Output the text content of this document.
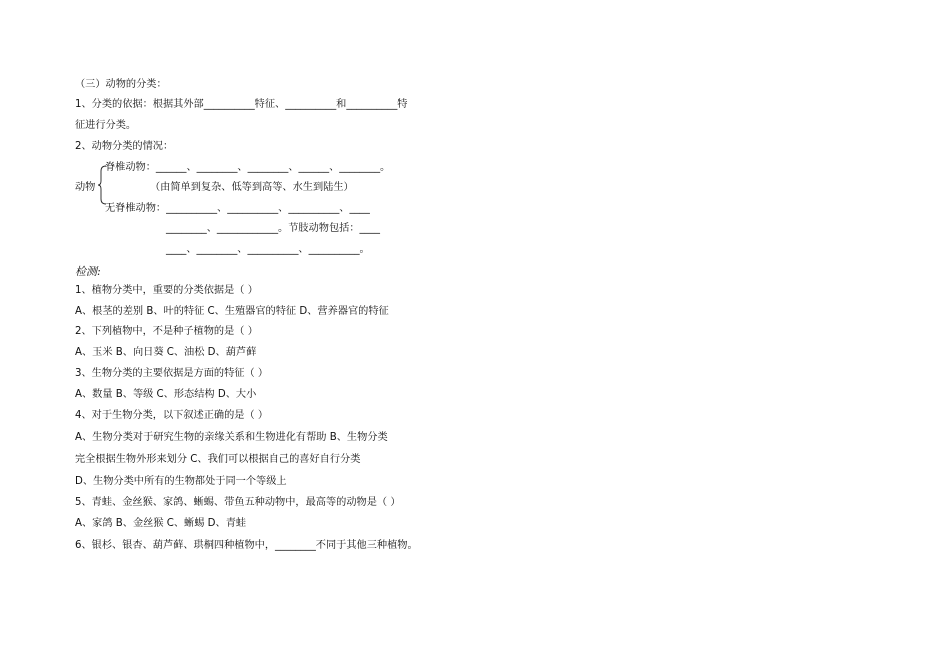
（三）动物的分类：
1、分类的依据：根据其外部__________特征、__________和__________特
征进行分类。
2、动物分类的情况：
脊椎动物：______、________、________、______、________。
动物	（由简单到复杂、低等到高等、水生到陆生）
无脊椎动物：__________、__________、__________、____
________、____________。节肢动物包括：____
____、________、__________、__________。
检测:
1、植物分类中，重要的分类依据是（ ）
A、根茎的差别 B、叶的特征 C、生殖器官的特征 D、营养器官的特征
2、下列植物中，不是种子植物的是（ ）
A、玉米 B、向日葵 C、油松 D、葫芦藓
3、生物分类的主要依据是方面的特征（ ）
A、数量 B、等级 C、形态结构 D、大小
4、对于生物分类，以下叙述正确的是（ ）
A、生物分类对于研究生物的亲缘关系和生物进化有帮助 B、生物分类
完全根据生物外形来划分 C、我们可以根据自己的喜好自行分类
D、生物分类中所有的生物都处于同一个等级上
5、青蛙、金丝猴、家鸽、蜥蜴、带鱼五种动物中，最高等的动物是（ ）
A、家鸽 B、金丝猴 C、蜥蜴 D、青蛙
6、银杉、银杏、葫芦藓、珙桐四种植物中，________不同于其他三种植物。
